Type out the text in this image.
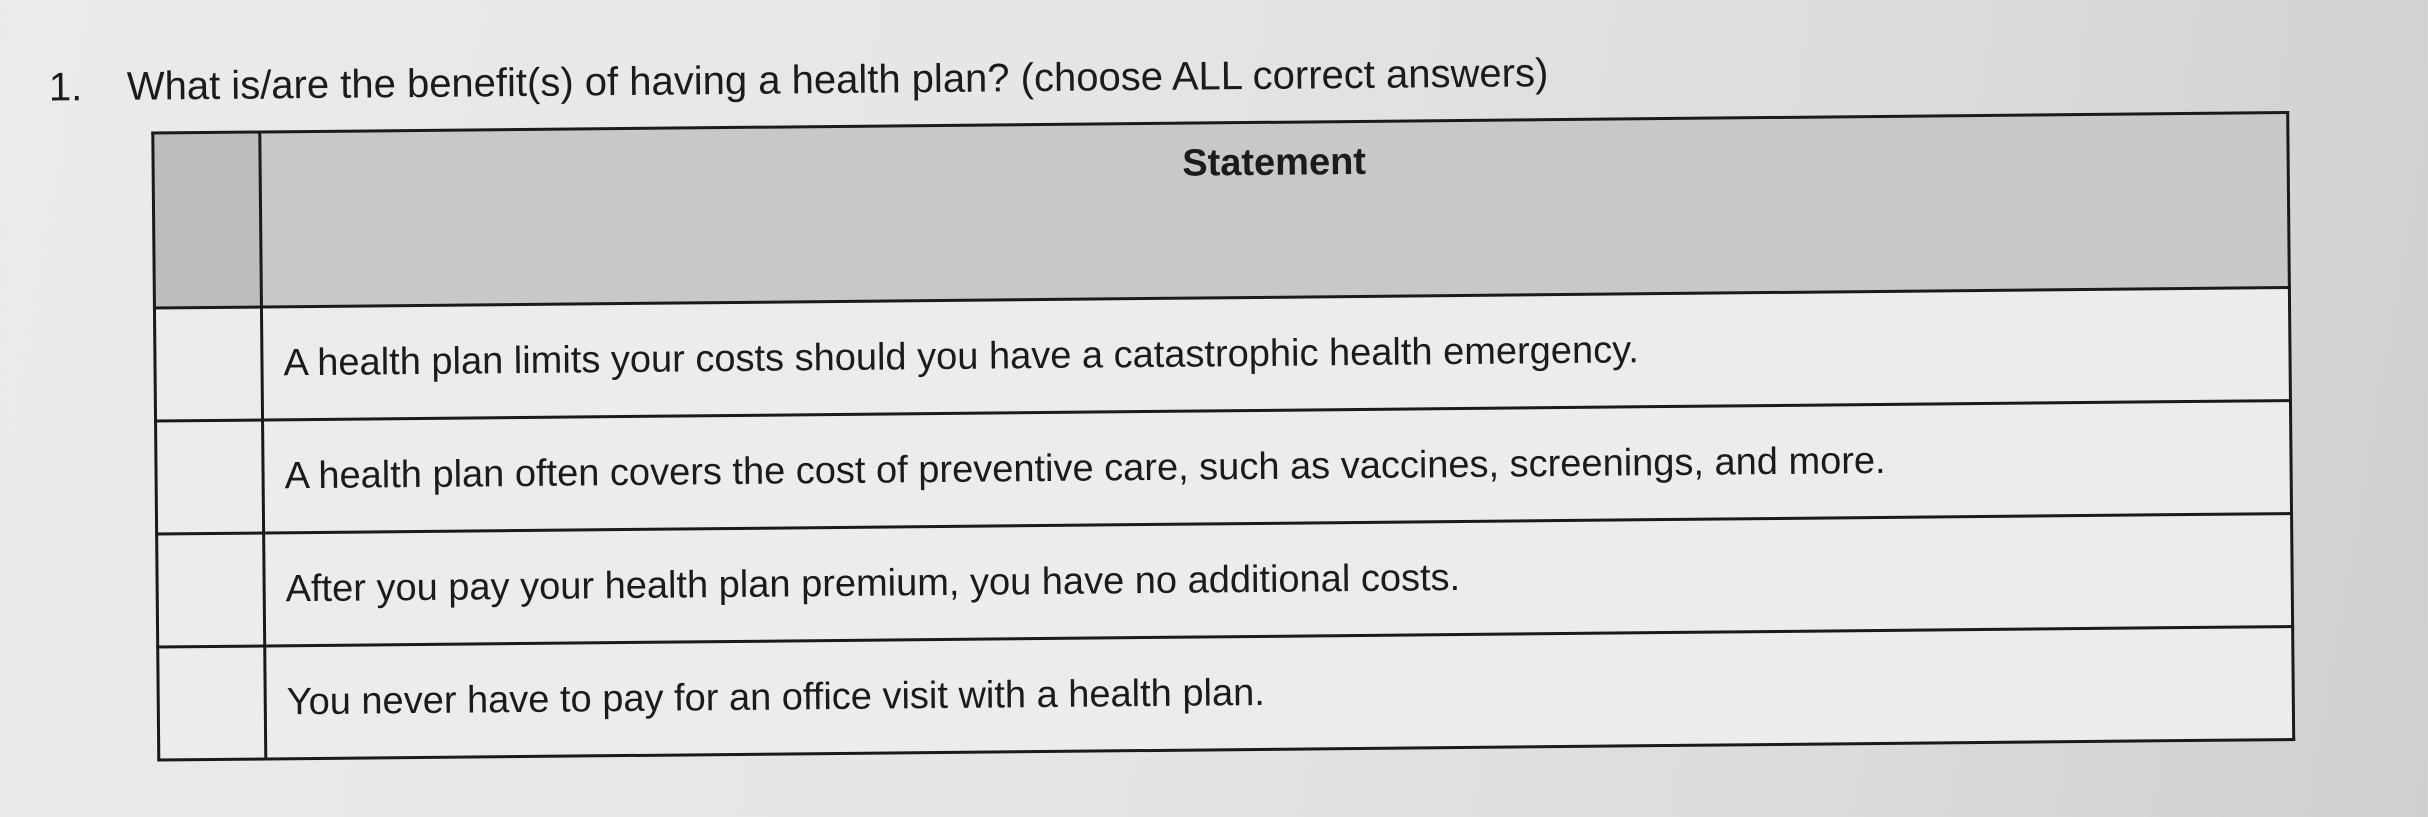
1. What is/are the benefit(s) of having a health plan? (choose ALL correct answers)
	Statement
	A health plan limits your costs should you have a catastrophic health emergency.
	A health plan often covers the cost of preventive care, such as vaccines, screenings, and more.
	After you pay your health plan premium, you have no additional costs.
	You never have to pay for an office visit with a health plan.
